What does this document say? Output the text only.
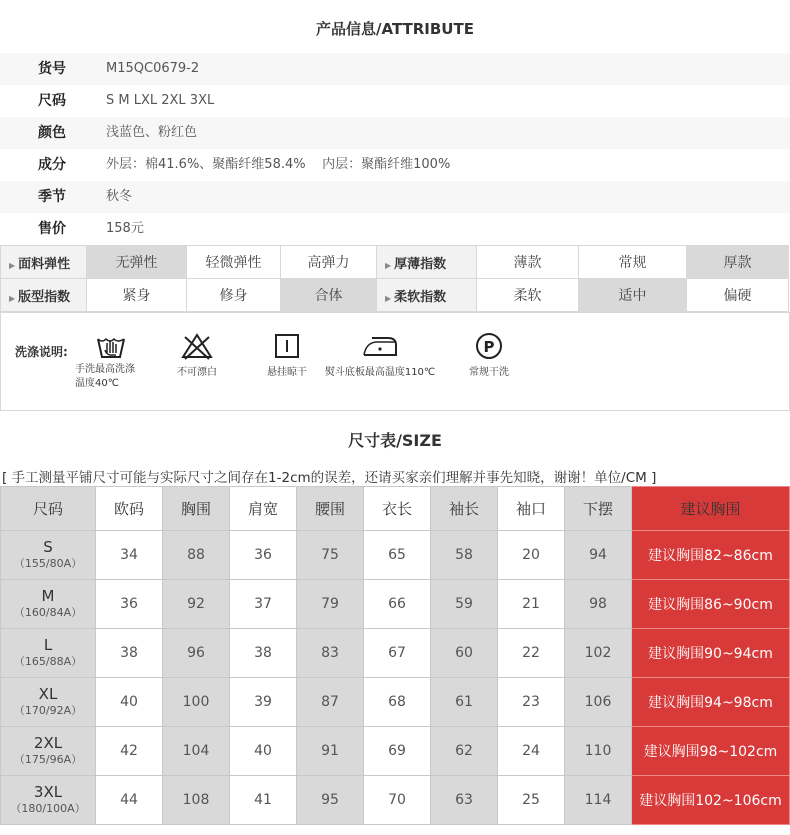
产品信息/ATTRIBUTE
货号	M15QC0679-2
尺码	S M LXL 2XL 3XL
颜色	浅蓝色、粉红色
成分	外层：棉41.6%、聚酯纤维58.4%    内层：聚酯纤维100%
季节	秋冬
售价	158元
▶ 面料弹性	无弹性	轻微弹性	高弹力	▶ 厚薄指数	薄款	常规	厚款
▶ 版型指数	紧身	修身	合体	▶ 柔软指数	柔软	适中	偏硬
洗涤说明:
手洗最高洗涤
温度40℃
不可漂白	悬挂晾干	熨斗底板最高温度110℃
P
常规干洗
尺寸表/SIZE
[ 手工测量平铺尺寸可能与实际尺寸之间存在1-2cm的误差，还请买家亲们理解并事先知晓，谢谢！单位/CM ]
尺码	欧码	胸围	肩宽	腰围	衣长	袖长	袖口	下摆	建议胸围

S
（155/80A）	34	88	36	75	65	58	20	94	建议胸围82~86cm

M
（160/84A）	36	92	37	79	66	59	21	98	建议胸围86~90cm

L
（165/88A）	38	96	38	83	67	60	22	102	建议胸围90~94cm

XL
（170/92A）	40	100	39	87	68	61	23	106	建议胸围94~98cm

2XL
（175/96A）	42	104	40	91	69	62	24	110	建议胸围98~102cm

3XL
（180/100A）	44	108	41	95	70	63	25	114	建议胸围102~106cm
